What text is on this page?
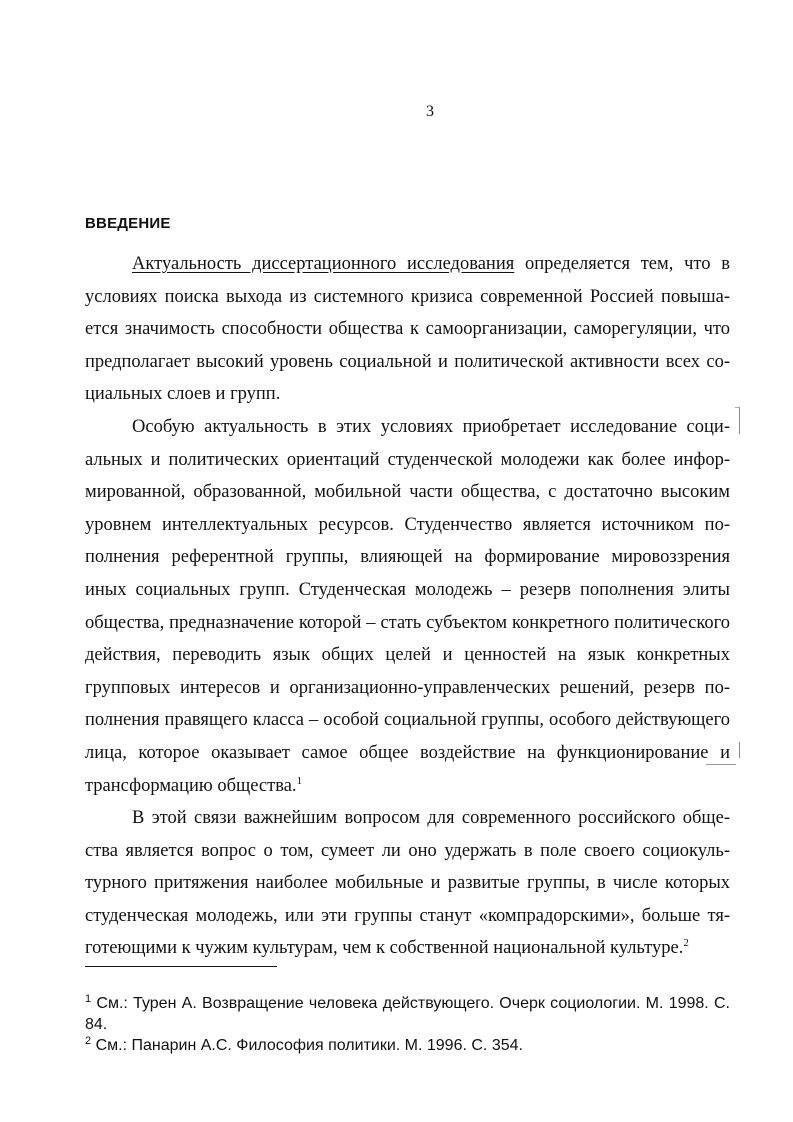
3
ВВЕДЕНИЕ

Актуальность диссертационного исследования определяется тем, что в условиях поиска выхода из системного кризиса современной Россией повышается значимость способности общества к самоорганизации, саморегуляции, что предполагает высокий уровень социальной и политической активности всех социальных слоев и групп.

Особую актуальность в этих условиях приобретает исследование социальных и политических ориентаций студенческой молодежи как более информированной, образованной, мобильной части общества, с достаточно высоким уровнем интеллектуальных ресурсов. Студенчество является источником пополнения референтной группы, влияющей на формирование мировоззрения иных социальных групп. Студенческая молодежь – резерв пополнения элиты общества, предназначение которой – стать субъектом конкретного политического действия, переводить язык общих целей и ценностей на язык конкретных групповых интересов и организационно-управленческих решений, резерв пополнения правящего класса – особой социальной группы, особого действующего лица, которое оказывает самое общее воздействие на функционирование и трансформацию общества.$^1$

В этой связи важнейшим вопросом для современного российского общества является вопрос о том, сумеет ли оно удержать в поле своего социокультурного притяжения наиболее мобильные и развитые группы, в числе которых студенческая молодежь, или эти группы станут «компрадорскими», больше тяготеющими к чужим культурам, чем к собственной национальной культуре.$^2$

$^1$ См.: Турен А. Возвращение человека действующего. Очерк социологии. М. 1998. С. 84.

$^2$ См.: Панарин А.С. Философия политики. М. 1996. С. 354.
